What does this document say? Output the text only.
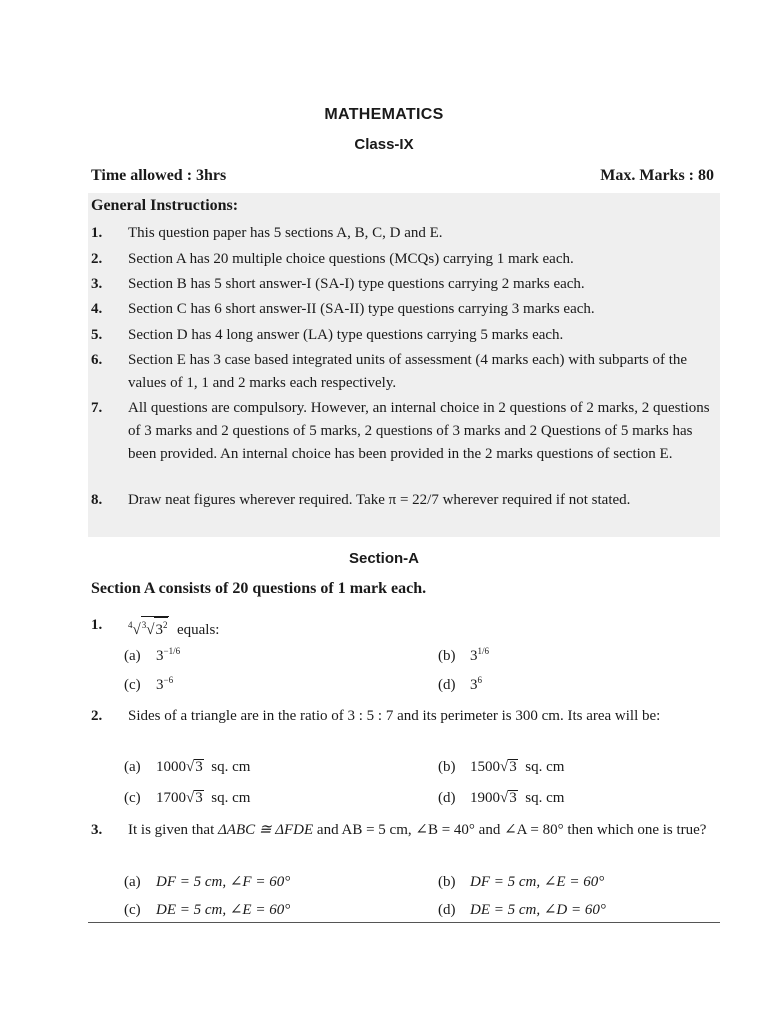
MATHEMATICS
Class-IX
Time allowed : 3hrs	Max. Marks : 80
General Instructions:
1. This question paper has 5 sections A, B, C, D and E.
2. Section A has 20 multiple choice questions (MCQs) carrying 1 mark each.
3. Section B has 5 short answer-I (SA-I) type questions carrying 2 marks each.
4. Section C has 6 short answer-II (SA-II) type questions carrying 3 marks each.
5. Section D has 4 long answer (LA) type questions carrying 5 marks each.
6. Section E has 3 case based integrated units of assessment (4 marks each) with subparts of the values of 1, 1 and 2 marks each respectively.
7. All questions are compulsory. However, an internal choice in 2 questions of 2 marks, 2 questions of 3 marks and 2 questions of 5 marks, 2 questions of 3 marks and 2 Questions of 5 marks has been provided. An internal choice has been provided in the 2 marks questions of section E.
8. Draw neat figures wherever required. Take π = 22/7 wherever required if not stated.
Section-A
Section A consists of 20 questions of 1 mark each.
1.	$^4√^3√3^2$ equals:
(a) $3^{-1/6}$	(b) $3^{1/6}$
(c) $3^{-6}$	(d) $3^6$
2. Sides of a triangle are in the ratio of 3 : 5 : 7 and its perimeter is 300 cm. Its area will be:
(a) 1000√3 sq. cm	(b) 1500√3 sq. cm
(c) 1700√3 sq. cm	(d) 1900√3 sq. cm
3. It is given that ΔABC ≅ ΔFDE and AB = 5 cm, ∠B = 40° and ∠A = 80° then which one is true?
(a) DF = 5 cm, ∠F = 60°	(b) DF = 5 cm, ∠E = 60°
(c) DE = 5 cm, ∠E = 60°	(d) DE = 5 cm, ∠D = 60°
